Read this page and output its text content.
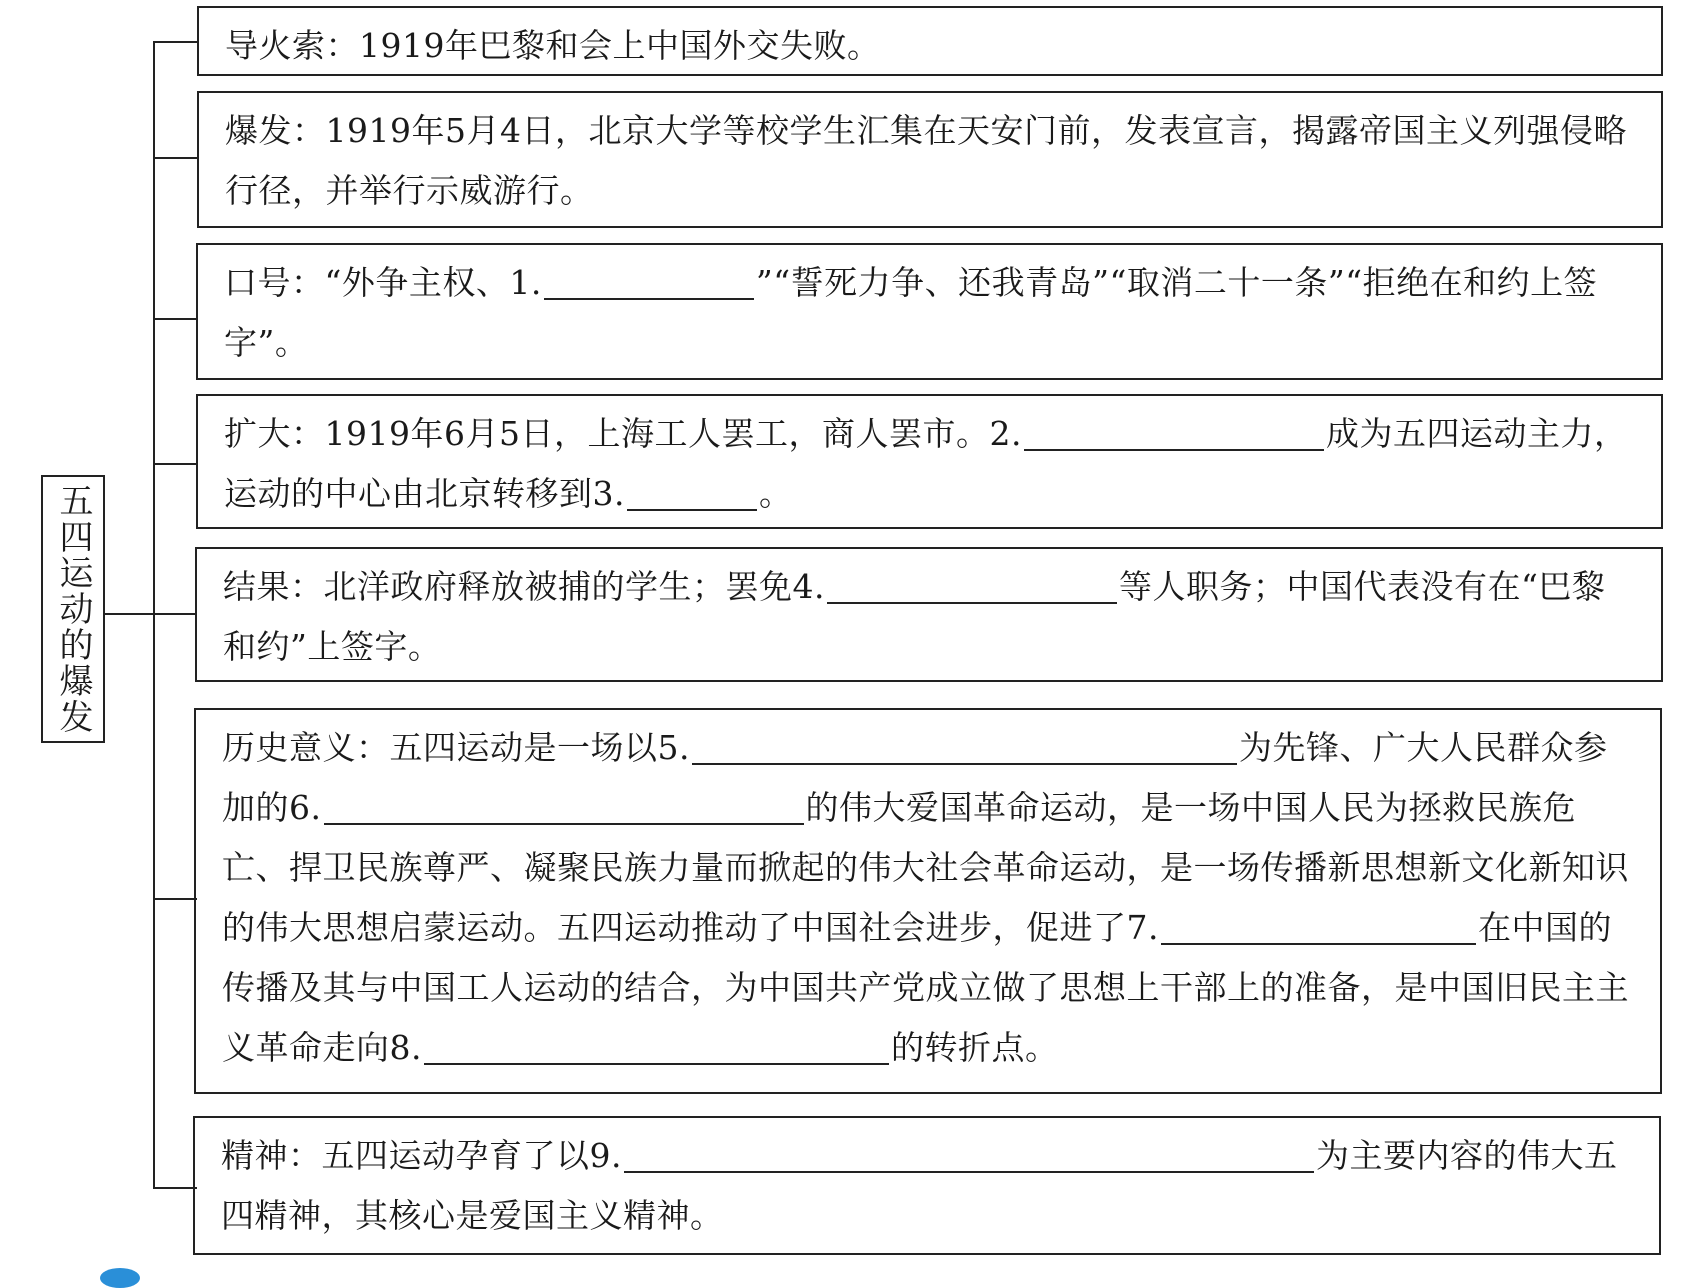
五四运动的爆发
导火索：1919年巴黎和会上中国外交失败。
爆发：1919年5月4日，北京大学等校学生汇集在天安门前，发表宣言，揭露帝国主义列强侵略行径，并举行示威游行。
口号：“外争主权、1.	”“誓死力争、还我青岛”“取消二十一条”“拒绝在和约上签字”。
扩大：1919年6月5日，上海工人罢工，商人罢市。2.	成为五四运动主力，运动的中心由北京转移到3.	。
结果：北洋政府释放被捕的学生；罢免4.	等人职务；中国代表没有在“巴黎和约”上签字。
历史意义：五四运动是一场以5.	为先锋、广大人民群众参加的6.	的伟大爱国革命运动，是一场中国人民为拯救民族危亡、捍卫民族尊严、凝聚民族力量而掀起的伟大社会革命运动，是一场传播新思想新文化新知识的伟大思想启蒙运动。五四运动推动了中国社会进步，促进了7.	在中国的传播及其与中国工人运动的结合，为中国共产党成立做了思想上干部上的准备，是中国旧民主主义革命走向8.	的转折点。
精神：五四运动孕育了以9.	为主要内容的伟大五四精神，其核心是爱国主义精神。
